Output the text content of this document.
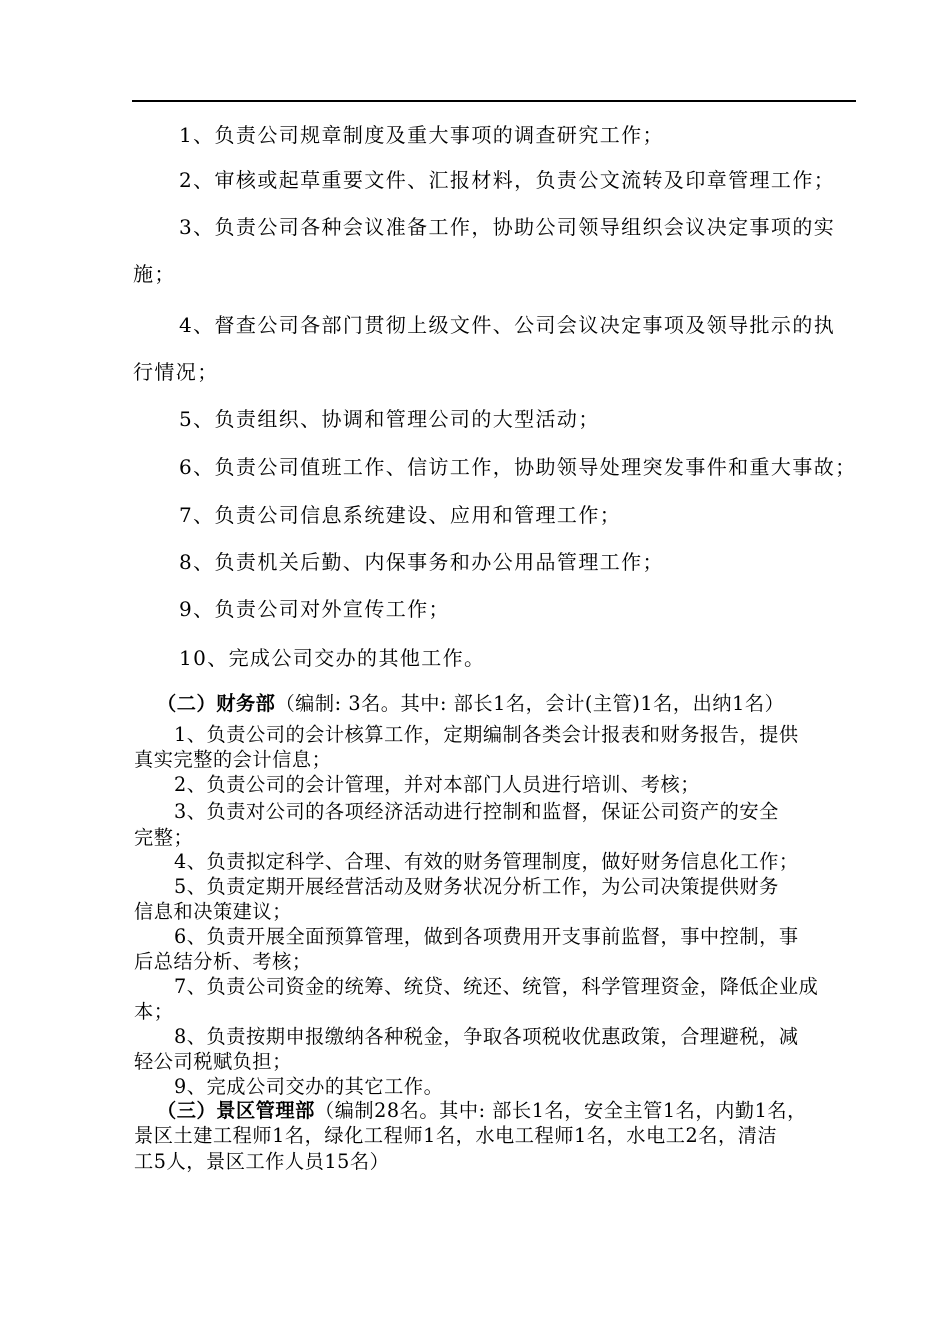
1、负责公司规章制度及重大事项的调查研究工作；
2、审核或起草重要文件、汇报材料，负责公文流转及印章管理工作；
3、负责公司各种会议准备工作，协助公司领导组织会议决定事项的实
施；
4、督查公司各部门贯彻上级文件、公司会议决定事项及领导批示的执
行情况；
5、负责组织、协调和管理公司的大型活动；
6、负责公司值班工作、信访工作，协助领导处理突发事件和重大事故；
7、负责公司信息系统建设、应用和管理工作；
8、负责机关后勤、内保事务和办公用品管理工作；
9、负责公司对外宣传工作；
10、完成公司交办的其他工作。
（二）财务部（编制: 3名。其中: 部长1名，会计(主管)1名，出纳1名）
1、负责公司的会计核算工作，定期编制各类会计报表和财务报告，提供
真实完整的会计信息；
2、负责公司的会计管理，并对本部门人员进行培训、考核；
3、负责对公司的各项经济活动进行控制和监督，保证公司资产的安全
完整；
4、负责拟定科学、合理、有效的财务管理制度，做好财务信息化工作；
5、负责定期开展经营活动及财务状况分析工作，为公司决策提供财务
信息和决策建议；
6、负责开展全面预算管理，做到各项费用开支事前监督，事中控制，事
后总结分析、考核；
7、负责公司资金的统筹、统贷、统还、统管，科学管理资金，降低企业成
本；
8、负责按期申报缴纳各种税金，争取各项税收优惠政策，合理避税，减
轻公司税赋负担；
9、完成公司交办的其它工作。
（三）景区管理部（编制28名。其中: 部长1名，安全主管1名，内勤1名，
景区土建工程师1名，绿化工程师1名，水电工程师1名，水电工2名，清洁
工5人，景区工作人员15名）
